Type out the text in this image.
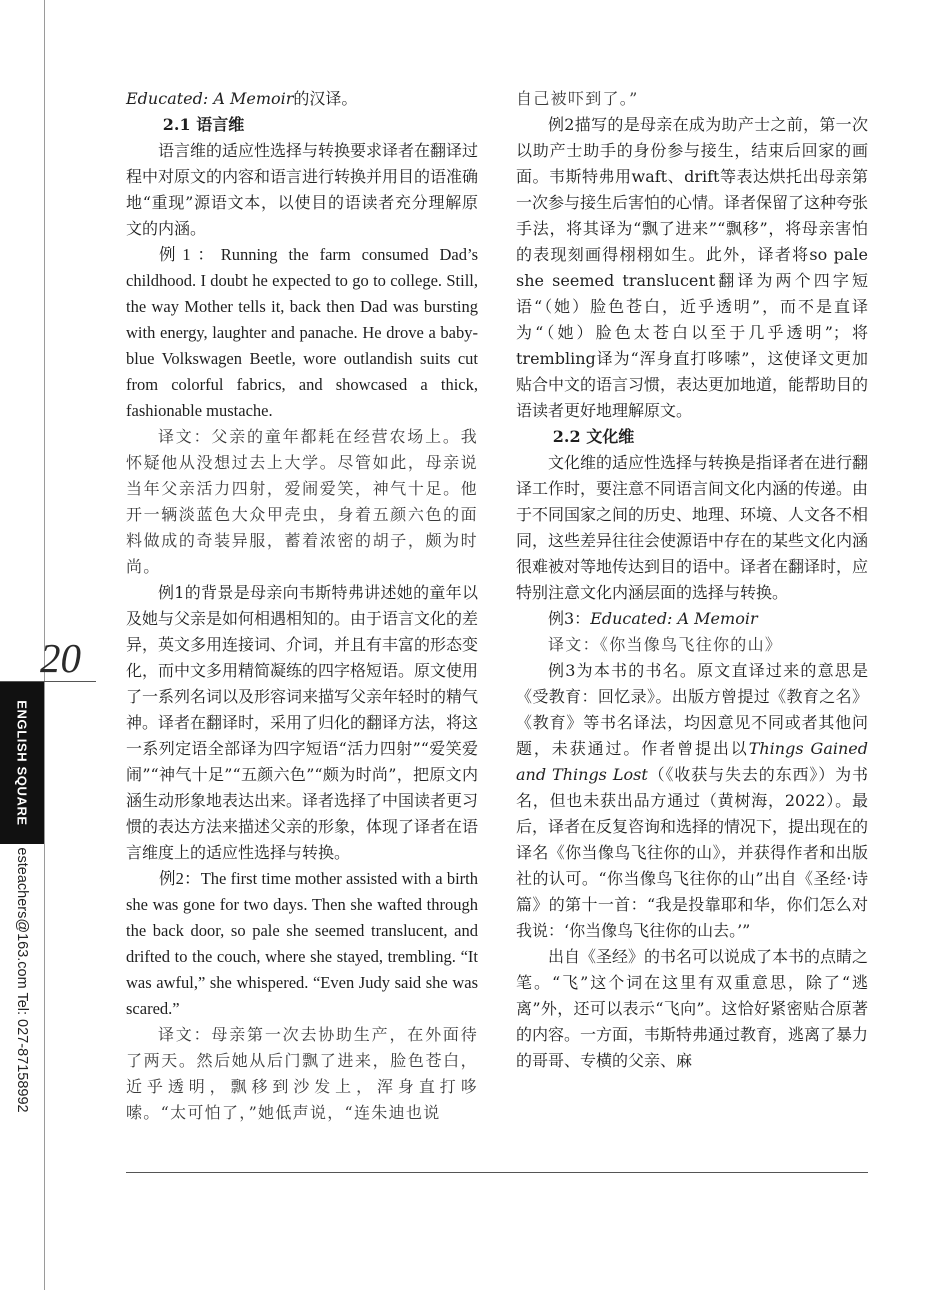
20
ENGLISH SQUARE
esteachers@163.com Tel: 027-87158992

Educated: A Memoir的汉译。

2.1 语言维

语言维的适应性选择与转换要求译者在翻译过程中对原文的内容和语言进行转换并用目的语准确地“重现”源语文本，以使目的语读者充分理解原文的内涵。

例1：Running the farm consumed Dad’s childhood. I doubt he expected to go to college. Still, the way Mother tells it, back then Dad was bursting with energy, laughter and panache. He drove a baby-blue Volkswagen Beetle, wore outlandish suits cut from colorful fabrics, and showcased a thick, fashionable mustache.

译文：父亲的童年都耗在经营农场上。我怀疑他从没想过去上大学。尽管如此，母亲说当年父亲活力四射，爱闹爱笑，神气十足。他开一辆淡蓝色大众甲壳虫，身着五颜六色的面料做成的奇装异服，蓄着浓密的胡子，颇为时尚。

例1的背景是母亲向韦斯特弗讲述她的童年以及她与父亲是如何相遇相知的。由于语言文化的差异，英文多用连接词、介词，并且有丰富的形态变化，而中文多用精简凝练的四字格短语。原文使用了一系列名词以及形容词来描写父亲年轻时的精气神。译者在翻译时，采用了归化的翻译方法，将这一系列定语全部译为四字短语“活力四射”“爱笑爱闹”“神气十足”“五颜六色”“颇为时尚”，把原文内涵生动形象地表达出来。译者选择了中国读者更习惯的表达方法来描述父亲的形象，体现了译者在语言维度上的适应性选择与转换。

例2：The first time mother assisted with a birth she was gone for two days. Then she wafted through the back door, so pale she seemed translucent, and drifted to the couch, where she stayed, trembling. “It was awful,” she whispered. “Even Judy said she was scared.”

译文：母亲第一次去协助生产，在外面待了两天。然后她从后门飘了进来，脸色苍白，近乎透明，飘移到沙发上，浑身直打哆嗦。“太可怕了，”她低声说，“连朱迪也说

自己被吓到了。”

例2描写的是母亲在成为助产士之前，第一次以助产士助手的身份参与接生，结束后回家的画面。韦斯特弗用waft、drift等表达烘托出母亲第一次参与接生后害怕的心情。译者保留了这种夸张手法，将其译为“飘了进来”“飘移”，将母亲害怕的表现刻画得栩栩如生。此外，译者将so pale she seemed translucent翻译为两个四字短语“（她）脸色苍白，近乎透明”，而不是直译为“（她）脸色太苍白以至于几乎透明”；将trembling译为“浑身直打哆嗦”，这使译文更加贴合中文的语言习惯，表达更加地道，能帮助目的语读者更好地理解原文。

2.2 文化维

文化维的适应性选择与转换是指译者在进行翻译工作时，要注意不同语言间文化内涵的传递。由于不同国家之间的历史、地理、环境、人文各不相同，这些差异往往会使源语中存在的某些文化内涵很难被对等地传达到目的语中。译者在翻译时，应特别注意文化内涵层面的选择与转换。

例3：Educated: A Memoir

译文：《你当像鸟飞往你的山》

例3为本书的书名。原文直译过来的意思是《受教育：回忆录》。出版方曾提过《教育之名》《教育》等书名译法，均因意见不同或者其他问题，未获通过。作者曾提出以Things Gained and Things Lost（《收获与失去的东西》）为书名，但也未获出品方通过（黄树海，2022）。最后，译者在反复咨询和选择的情况下，提出现在的译名《你当像鸟飞往你的山》，并获得作者和出版社的认可。“你当像鸟飞往你的山”出自《圣经·诗篇》的第十一首：“我是投靠耶和华，你们怎么对我说：‘你当像鸟飞往你的山去。’”

出自《圣经》的书名可以说成了本书的点睛之笔。“飞”这个词在这里有双重意思，除了“逃离”外，还可以表示“飞向”。这恰好紧密贴合原著的内容。一方面，韦斯特弗通过教育，逃离了暴力的哥哥、专横的父亲、麻
